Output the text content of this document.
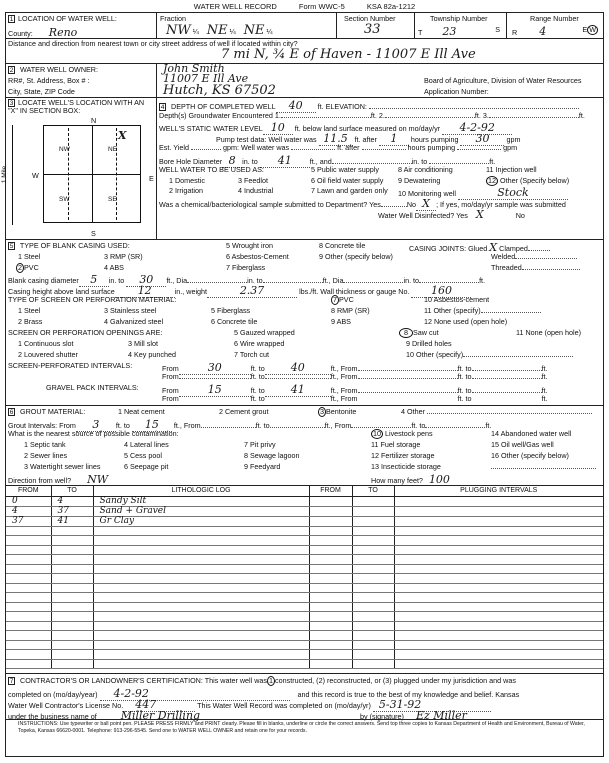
WATER WELL RECORD	Form WWC-5	KSA 82a-1212
1 LOCATION OF WATER WELL:
County: Reno
Fraction
NW ¼ NE ¼ NE ¼
Section Number
33
Township Number
T 23	S
Range Number
R 4	E W
Distance and direction from nearest town or city street address of well if located within city?
7 mi N, ¾ E of Haven - 11007 E Ill Ave
2 WATER WELL OWNER:	John Smith
RR#, St. Address, Box # :	11007 E Ill Ave	Board of Agriculture, Division of Water Resources
City, State, ZIP Code	Hutch, KS 67502	Application Number:
3 LOCATE WELL'S LOCATION WITH AN "X" IN SECTION BOX:
N
S
W	E
1 Mile
NW	NE
SW	SE
X
4 DEPTH OF COMPLETED WELL 40 ft. ELEVATION:
Depth(s) Groundwater Encountered 1.	ft. 2.	ft. 3.	ft.
WELL'S STATIC WATER LEVEL 10 ft. below land surface measured on mo/day/yr 4-2-92
Pump test data: Well water was 11.5 ft. after 1 hours pumping 30 gpm
Est. Yield	gpm: Well water was	ft. after	hours pumping	gpm
Bore Hole Diameter 8 in. to 41	ft., and	in. to	ft.
WELL WATER TO BE USED AS:	5 Public water supply	8 Air conditioning	11 Injection well
1 Domestic	3 Feedlot	6 Oil field water supply 9 Dewatering	12 Other (Specify below)
2 Irrigation	4 Industrial	7 Lawn and garden only 10 Monitoring well	Stock
Was a chemical/bacteriological sample submitted to Department? Yes	No X ; If yes, mo/day/yr sample was submitted
Water Well Disinfected? Yes X	No
5 TYPE OF BLANK CASING USED:	5 Wrought iron	8 Concrete tile	CASING JOINTS: Glued X Clamped
1 Steel	3 RMP (SR)	6 Asbestos-Cement	9 Other (specify below)	Welded
2 PVC	4 ABS	7 Fiberglass	Threaded
Blank casing diameter 5 in. to 30 ft., Dia	in. to	ft., Dia	in. to	ft.
Casing height above land surface 12	in., weight	2.37	lbs./ft. Wall thickness or gauge No. 160
TYPE OF SCREEN OR PERFORATION MATERIAL:	7 PVC	10 Asbestos-cement
1 Steel	3 Stainless steel	5 Fiberglass	8 RMP (SR)	11 Other (specify)
2 Brass	4 Galvanized steel	6 Concrete tile	9 ABS	12 None used (open hole)
SCREEN OR PERFORATION OPENINGS ARE:	5 Gauzed wrapped	8 Saw cut	11 None (open hole)
1 Continuous slot	3 Mill slot	6 Wire wrapped	9 Drilled holes
2 Louvered shutter	4 Key punched	7 Torch cut	10 Other (specify)
SCREEN-PERFORATED INTERVALS:	From	30	ft. to 40	ft., From	ft. to	ft.
From	ft. to	ft., From	ft. to	ft.
GRAVEL PACK INTERVALS:	From	15	ft. to 41	ft., From	ft. to	ft.
From	ft. to	ft., From	ft. to	ft.
6 GROUT MATERIAL:	1 Neat cement	2 Cement grout	3 Bentonite	4 Other
Grout Intervals: From 3 ft. to 15 ft., From	ft. to	ft., From	ft. to	ft.
What is the nearest source of possible contamination:	10 Livestock pens	14 Abandoned water well
1 Septic tank	4 Lateral lines	7 Pit privy	11 Fuel storage	15 Oil well/Gas well
2 Sewer lines	5 Cess pool	8 Sewage lagoon	12 Fertilizer storage	16 Other (specify below)
3 Watertight sewer lines	6 Seepage pit	9 Feedyard	13 Insecticide storage
Direction from well? NW	How many feet? 100
FROM	TO	LITHOLOGIC LOG	FROM	TO	PLUGGING INTERVALS
0	4	Sandy Silt			
4	37	Sand + Gravel			
37	41	Gr Clay			

7 CONTRACTOR'S OR LANDOWNER'S CERTIFICATION: This water well was 1 constructed, (2) reconstructed, or (3) plugged under my jurisdiction and was
completed on (mo/day/year) 4-2-92	and this record is true to the best of my knowledge and belief. Kansas
Water Well Contractor's License No. 447	This Water Well Record was completed on (mo/day/yr) 5-31-92
under the business name of Miller Drilling	by (signature) Ez Miller
INSTRUCTIONS: Use typewriter or ball point pen. PLEASE PRESS FIRMLY and PRINT clearly. Please fill in blanks, underline or circle the correct answers. Send top three copies to Kansas Department of Health and Environment, Bureau of Water, Topeka, Kansas 66620-0001. Telephone: 913-296-5545. Send one to WATER WELL OWNER and retain one for your records.
